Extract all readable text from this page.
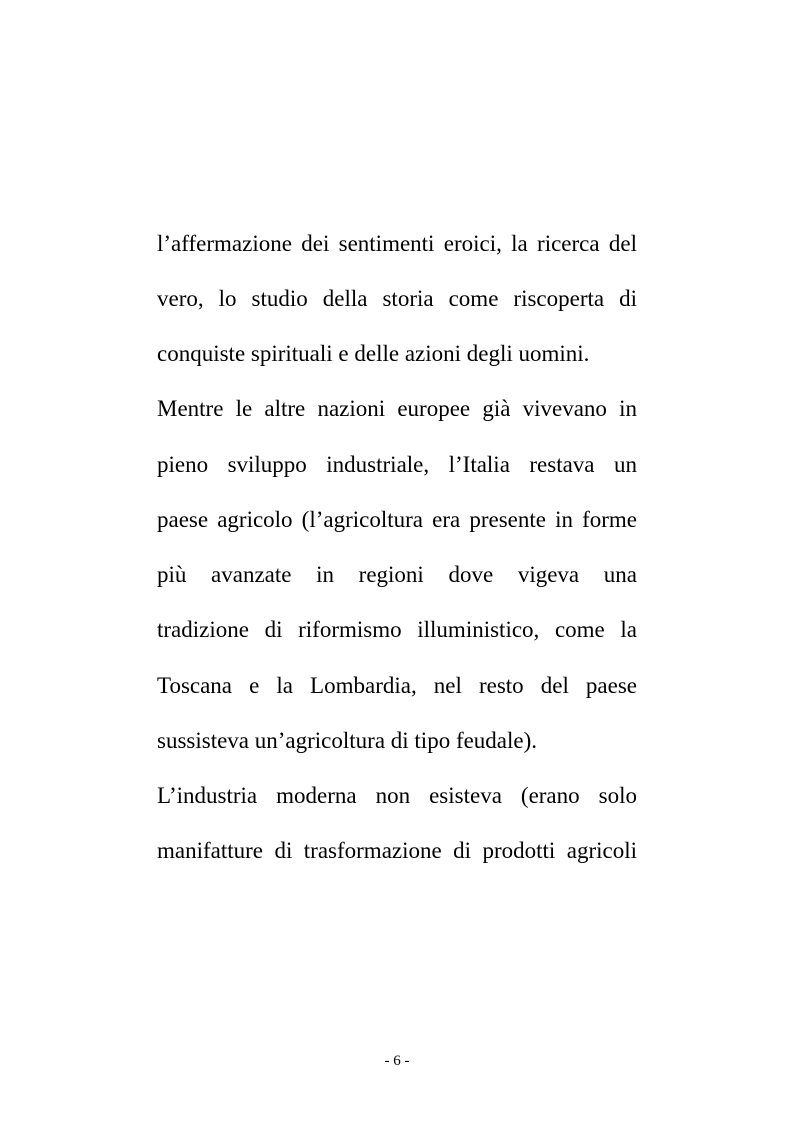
l’affermazione dei sentimenti eroici, la ricerca del
vero, lo studio della storia come riscoperta di
conquiste spirituali e delle azioni degli uomini.
Mentre le altre nazioni europee già vivevano in
pieno sviluppo industriale, l’Italia restava un
paese agricolo (l’agricoltura era presente in forme
più avanzate in regioni dove vigeva una
tradizione di riformismo illuministico, come la
Toscana e la Lombardia, nel resto del paese
sussisteva un’agricoltura di tipo feudale).
L’industria moderna non esisteva (erano solo
manifatture di trasformazione di prodotti agricoli
- 6 -
